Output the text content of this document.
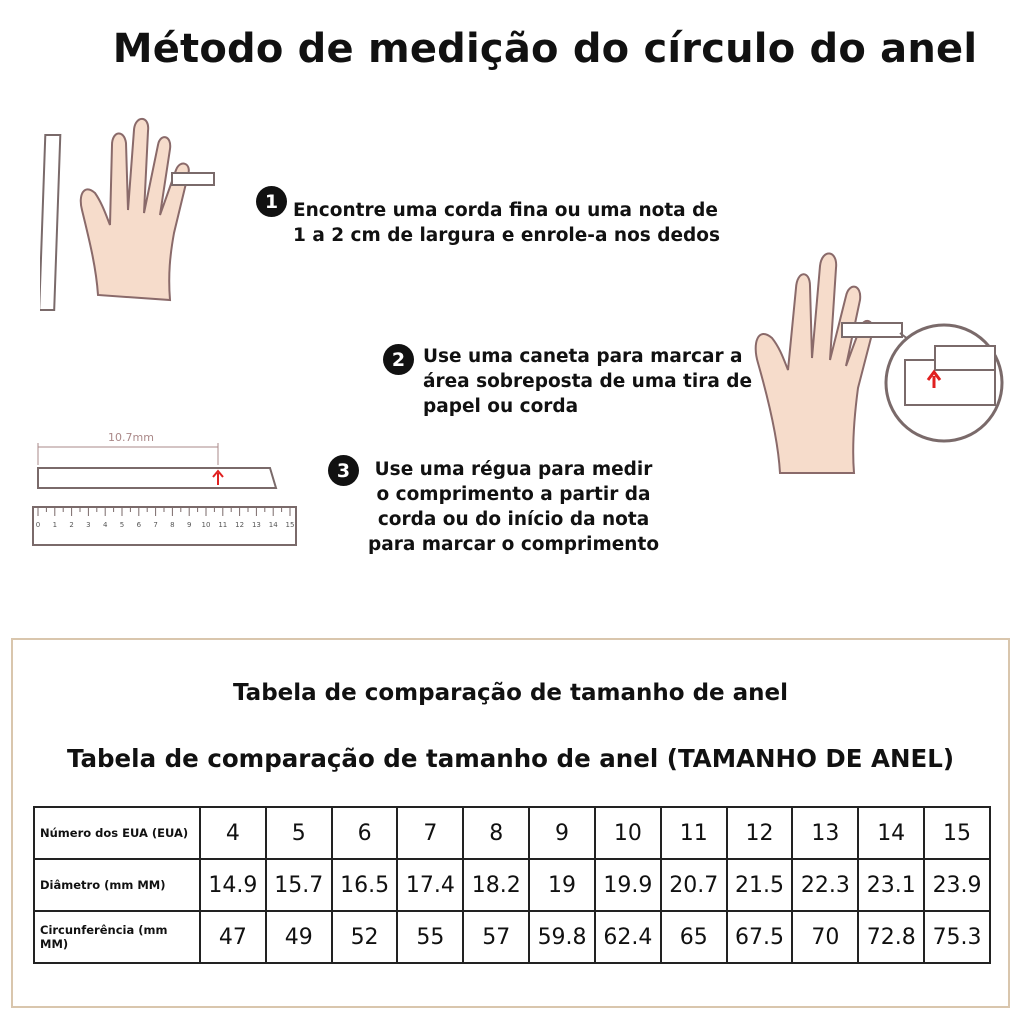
Método de medição do círculo do anel
10.7mm
0 1 2 3 4 5 6 7 8 9 10 11 12 13 14 15
1 Encontre uma corda fina ou uma nota de
1 a 2 cm de largura e enrole-a nos dedos
2 Use uma caneta para marcar a
área sobreposta de uma tira de
papel ou corda
3	Use uma régua para medir
o comprimento a partir da
corda ou do início da nota
para marcar o comprimento
Tabela de comparação de tamanho de anel
Tabela de comparação de tamanho de anel (TAMANHO DE ANEL)
Número dos EUA (EUA)	4	5	6	7	8	9	10	11	12	13	14	15
Diâmetro (mm MM)	14.9	15.7	16.5	17.4	18.2	19	19.9	20.7	21.5	22.3	23.1	23.9
Circunferência (mm MM)	47	49	52	55	57	59.8	62.4	65	67.5	70	72.8	75.3
